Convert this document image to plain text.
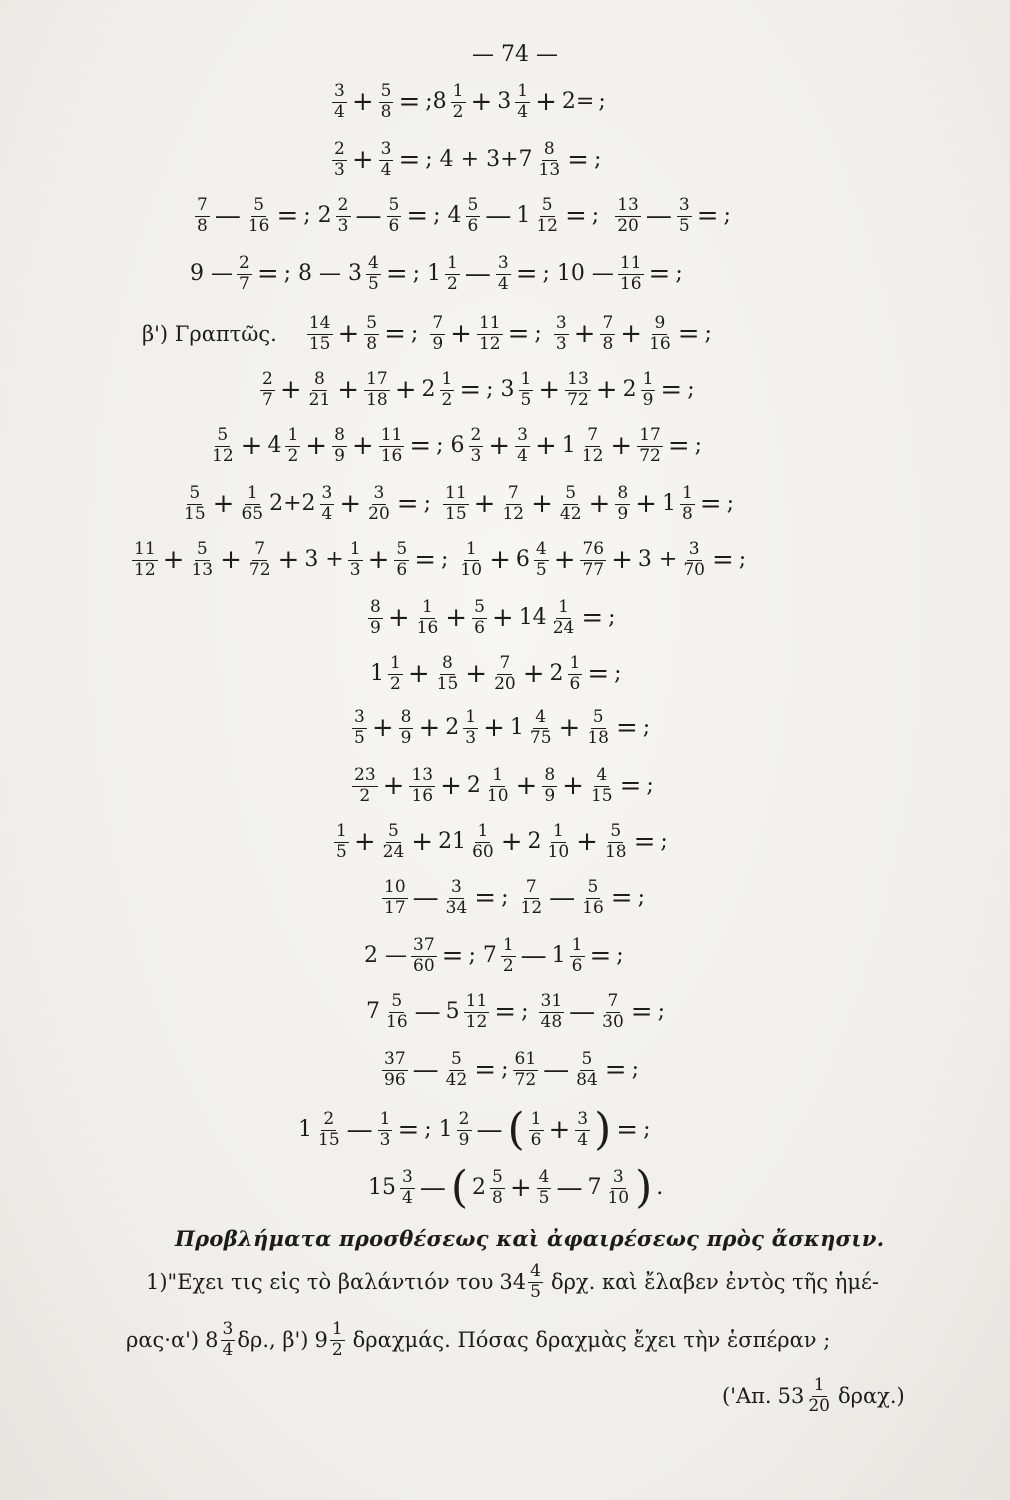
— 74 —
$\frac{3}{4} + \frac{5}{8}$ = ;8 $\frac{1}{2} + 3 \frac{1}{4} + 2=$ ;
$\frac{2}{3} + \frac{3}{4}$ = ; $4 + 3+7 \frac{8}{13}$ = ;
$\frac{7}{8}$ — $\frac{5}{16}$ = ; $2 \frac{2}{3}$ — $\frac{5}{6}$ = ; $4 \frac{5}{6}$ — $1 \frac{5}{12}$ = ; $\frac{13}{20}$ — $\frac{3}{5}$ = ;
9 — $\frac{2}{7}$ = ; 8 — $3 \frac{4}{5}$ = ; $1 \frac{1}{2}$ — $\frac{3}{4}$ = ; 10 — $\frac{11}{16}$ = ;
β') Γραπτῶς. $\frac{14}{15} + \frac{5}{8}$ = ; $\frac{7}{9} + \frac{11}{12}$ = ; $\frac{3}{3} + \frac{7}{8} + \frac{9}{16}$ = ;
$\frac{2}{7} + \frac{8}{21} + \frac{17}{18} + 2 \frac{1}{2}$ = ; $3 \frac{1}{5} + \frac{13}{72} + 2 \frac{1}{9}$ = ;
$\frac{5}{12} + 4 \frac{1}{2} + \frac{8}{9} + \frac{11}{16}$ = ; $6 \frac{2}{3} + \frac{3}{4} + 1 \frac{7}{12} + \frac{17}{72}$ = ;
$\frac{5}{15} + \frac{1}{65} 2+2 \frac{3}{4} + \frac{3}{20}$ = ; $\frac{11}{15} + \frac{7}{12} + \frac{5}{42} + \frac{8}{9} + 1 \frac{1}{8}$ = ;
$\frac{11}{12} + \frac{5}{13} + \frac{7}{72} + 3 + \frac{1}{3} + \frac{5}{6}$ = ; $\frac{1}{10} + 6 \frac{4}{5} + \frac{76}{77} + 3 + \frac{3}{70}$ = ;
$\frac{8}{9} + \frac{1}{16} + \frac{5}{6} + 14 \frac{1}{24}$ = ;
$1 \frac{1}{2} + \frac{8}{15} + \frac{7}{20} + 2 \frac{1}{6}$ = ;
$\frac{3}{5} + \frac{8}{9} + 2 \frac{1}{3} + 1 \frac{4}{75} + \frac{5}{18}$ = ;
$\frac{23}{2} + \frac{13}{16} + 2 \frac{1}{10} + \frac{8}{9} + \frac{4}{15}$ = ;
$\frac{1}{5} + \frac{5}{24} + 21 \frac{1}{60} + 2 \frac{1}{10} + \frac{5}{18}$ = ;
$\frac{10}{17}$ — $\frac{3}{34}$ = ; $\frac{7}{12}$ — $\frac{5}{16}$ = ;
2 — $\frac{37}{60}$ = ; $7 \frac{1}{2}$ — $1 \frac{1}{6}$ = ;
$7 \frac{5}{16}$ — $5 \frac{11}{12}$ = ; $\frac{31}{48}$ — $\frac{7}{30}$ = ;
$\frac{37}{96}$ — $\frac{5}{42}$ = ; $\frac{61}{72}$ — $\frac{5}{84}$ = ;
$1 \frac{2}{15}$ — $\frac{1}{3}$ = ; $1 \frac{2}{9}$ — ( $\frac{1}{6} + \frac{3}{4}$ ) = ;
$15 \frac{3}{4}$ — ( $2 \frac{5}{8} + \frac{4}{5}$ — $7 \frac{3}{10}$ ) .
Προβλήματα προσθέσεως καὶ ἀφαιρέσεως πρὸς ἄσκησιν.
1)"Εχει τις εἰς τὸ βαλάντιόν του $34 \frac{4}{5} \delta\rho\chi$. καὶ ἔλαβεν ἐντὸς τῆς ἡμέ-
ρας·α') $8 \frac{3}{4} \delta\rho$., β') $9 \frac{1}{2} \delta\rho\alpha\chi\mu ά\varsigma$. Πόσας δραχμὰς ἔχει τὴν ἑσπέραν ;
('Απ. $53 \frac{1}{20} \delta\rho\alpha\chi$.)
